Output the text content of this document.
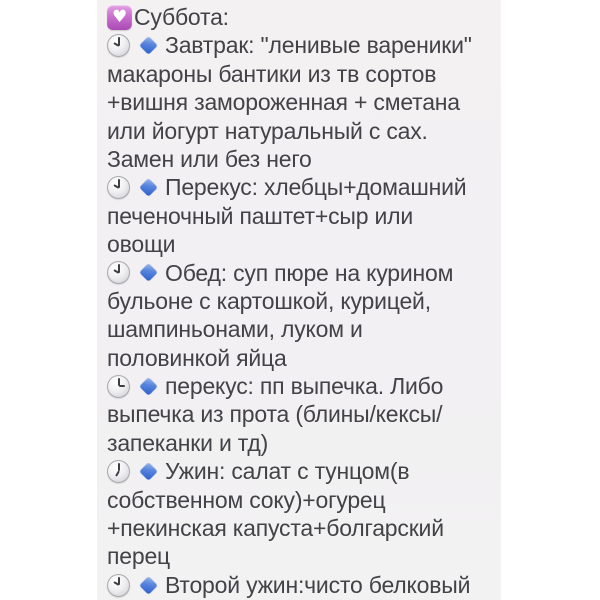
♥
Суббота:
Завтрак: "ленивые вареники"
макароны бантики из тв сортов
+вишня замороженная + сметана
или йогурт натуральный с сах.
Замен или без него
Перекус: хлебцы+домашний
печеночный паштет+сыр или
овощи
Обед: суп пюре на курином
бульоне с картошкой, курицей,
шампиньонами, луком и
половинкой яйца
перекус: пп выпечка. Либо
выпечка из прота (блины/кексы/
запеканки и тд)
Ужин: салат с тунцом(в
собственном соку)+огурец
+пекинская капуста+болгарский
перец
Второй ужин:чисто белковый
